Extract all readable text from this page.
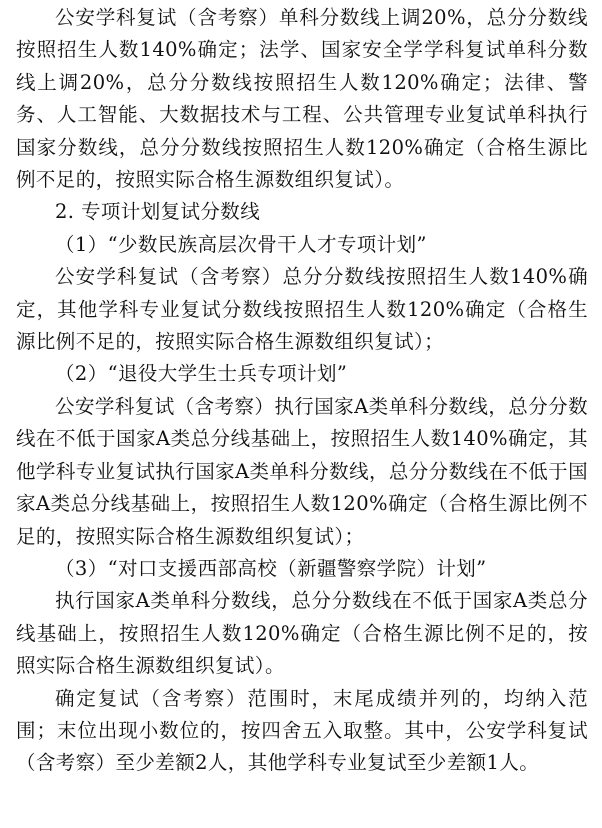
公安学科复试（含考察）单科分数线上调20%，总分分数线按照招生人数140%确定；法学、国家安全学学科复试单科分数线上调20%，总分分数线按照招生人数120%确定；法律、警务、人工智能、大数据技术与工程、公共管理专业复试单科执行国家分数线，总分分数线按照招生人数120%确定（合格生源比例不足的，按照实际合格生源数组织复试）。

2. 专项计划复试分数线

（1）“少数民族高层次骨干人才专项计划”

公安学科复试（含考察）总分分数线按照招生人数140%确定，其他学科专业复试分数线按照招生人数120%确定（合格生源比例不足的，按照实际合格生源数组织复试）；

（2）“退役大学生士兵专项计划”

公安学科复试（含考察）执行国家A类单科分数线，总分分数线在不低于国家A类总分线基础上，按照招生人数140%确定，其他学科专业复试执行国家A类单科分数线，总分分数线在不低于国家A类总分线基础上，按照招生人数120%确定（合格生源比例不足的，按照实际合格生源数组织复试）；

（3）“对口支援西部高校（新疆警察学院）计划”

执行国家A类单科分数线，总分分数线在不低于国家A类总分线基础上，按照招生人数120%确定（合格生源比例不足的，按照实际合格生源数组织复试）。

确定复试（含考察）范围时，末尾成绩并列的，均纳入范围；末位出现小数位的，按四舍五入取整。其中，公安学科复试（含考察）至少差额2人，其他学科专业复试至少差额1人。
